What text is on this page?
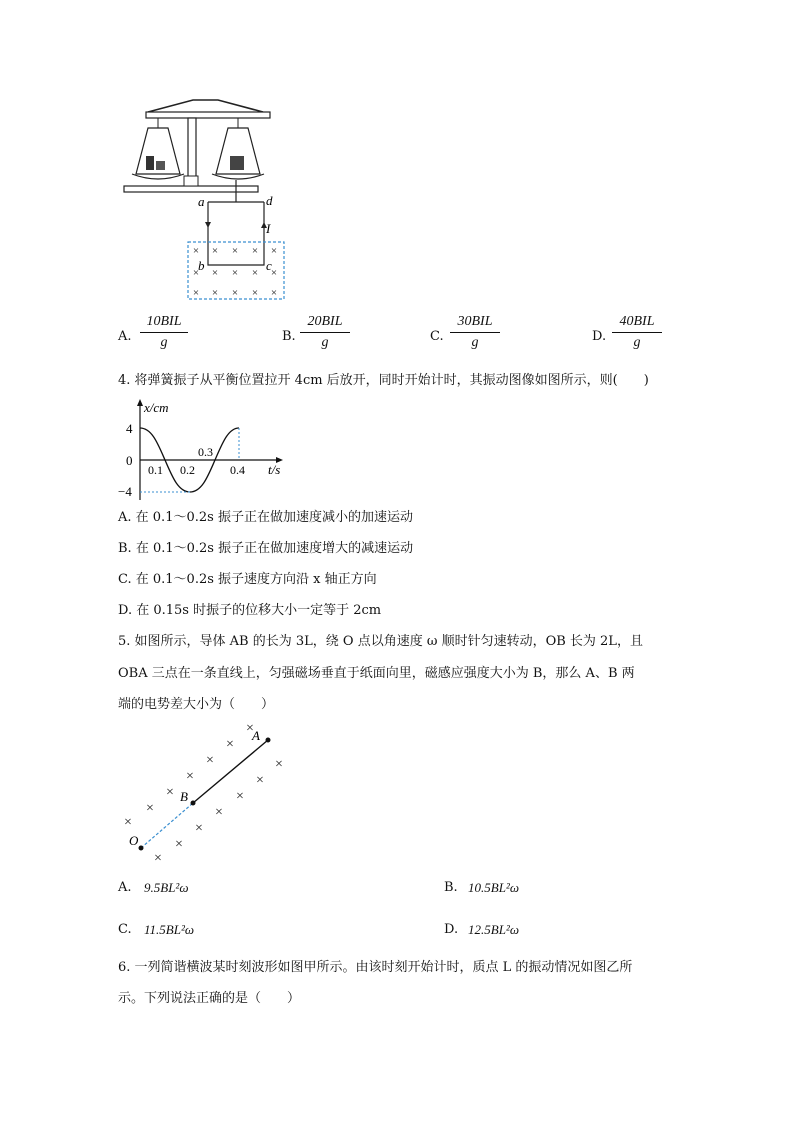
a	d
I
b	c
× × × × ×
× × × × ×
× × × × ×
A.
10BIL
g	B.
20BIL
g	C.
30BIL
g	D.
40BIL
g
4. 将弹簧振子从平衡位置拉开 4cm 后放开，同时开始计时，其振动图像如图所示，则(　　)
x/cm
t/s
4
0
−4
0.1 0.2
0.3
0.4
A. 在 0.1～0.2s 振子正在做加速度减小的加速运动
B. 在 0.1～0.2s 振子正在做加速度增大的减速运动
C. 在 0.1～0.2s 振子速度方向沿 x 轴正方向
D. 在 0.15s 时振子的位移大小一定等于 2cm
5. 如图所示，导体 AB 的长为 3L，绕 O 点以角速度 ω 顺时针匀速转动，OB 长为 2L，且
OBA 三点在一条直线上，匀强磁场垂直于纸面向里，磁感应强度大小为 B，那么 A、B 两
端的电势差大小为（　　）
×
×
×	×
×	×
×	×
×	×
×	×
×
×
A
B
O
A. 9.5BL²ω	B. 10.5BL²ω
C. 11.5BL²ω	D. 12.5BL²ω
6. 一列简谐横波某时刻波形如图甲所示。由该时刻开始计时，质点 L 的振动情况如图乙所
示。下列说法正确的是（　　）
